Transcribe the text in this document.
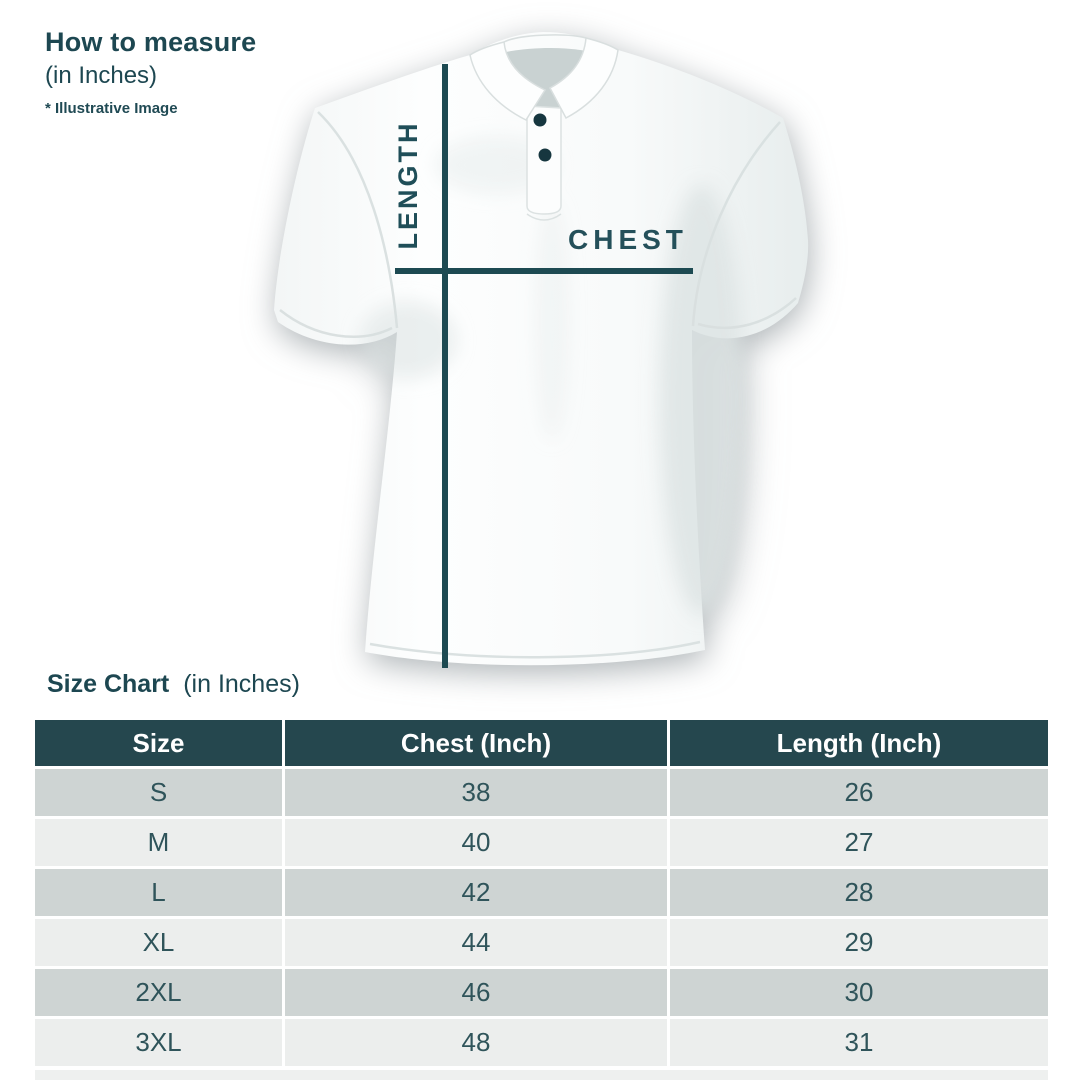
How to measure
(in Inches)
* Illustrative Image
LENGTH	CHEST
Size Chart (in Inches)
Size	Chest (Inch)	Length (Inch)
S	38	26
M	40	27
L	42	28
XL	44	29
2XL	46	30
3XL	48	31
